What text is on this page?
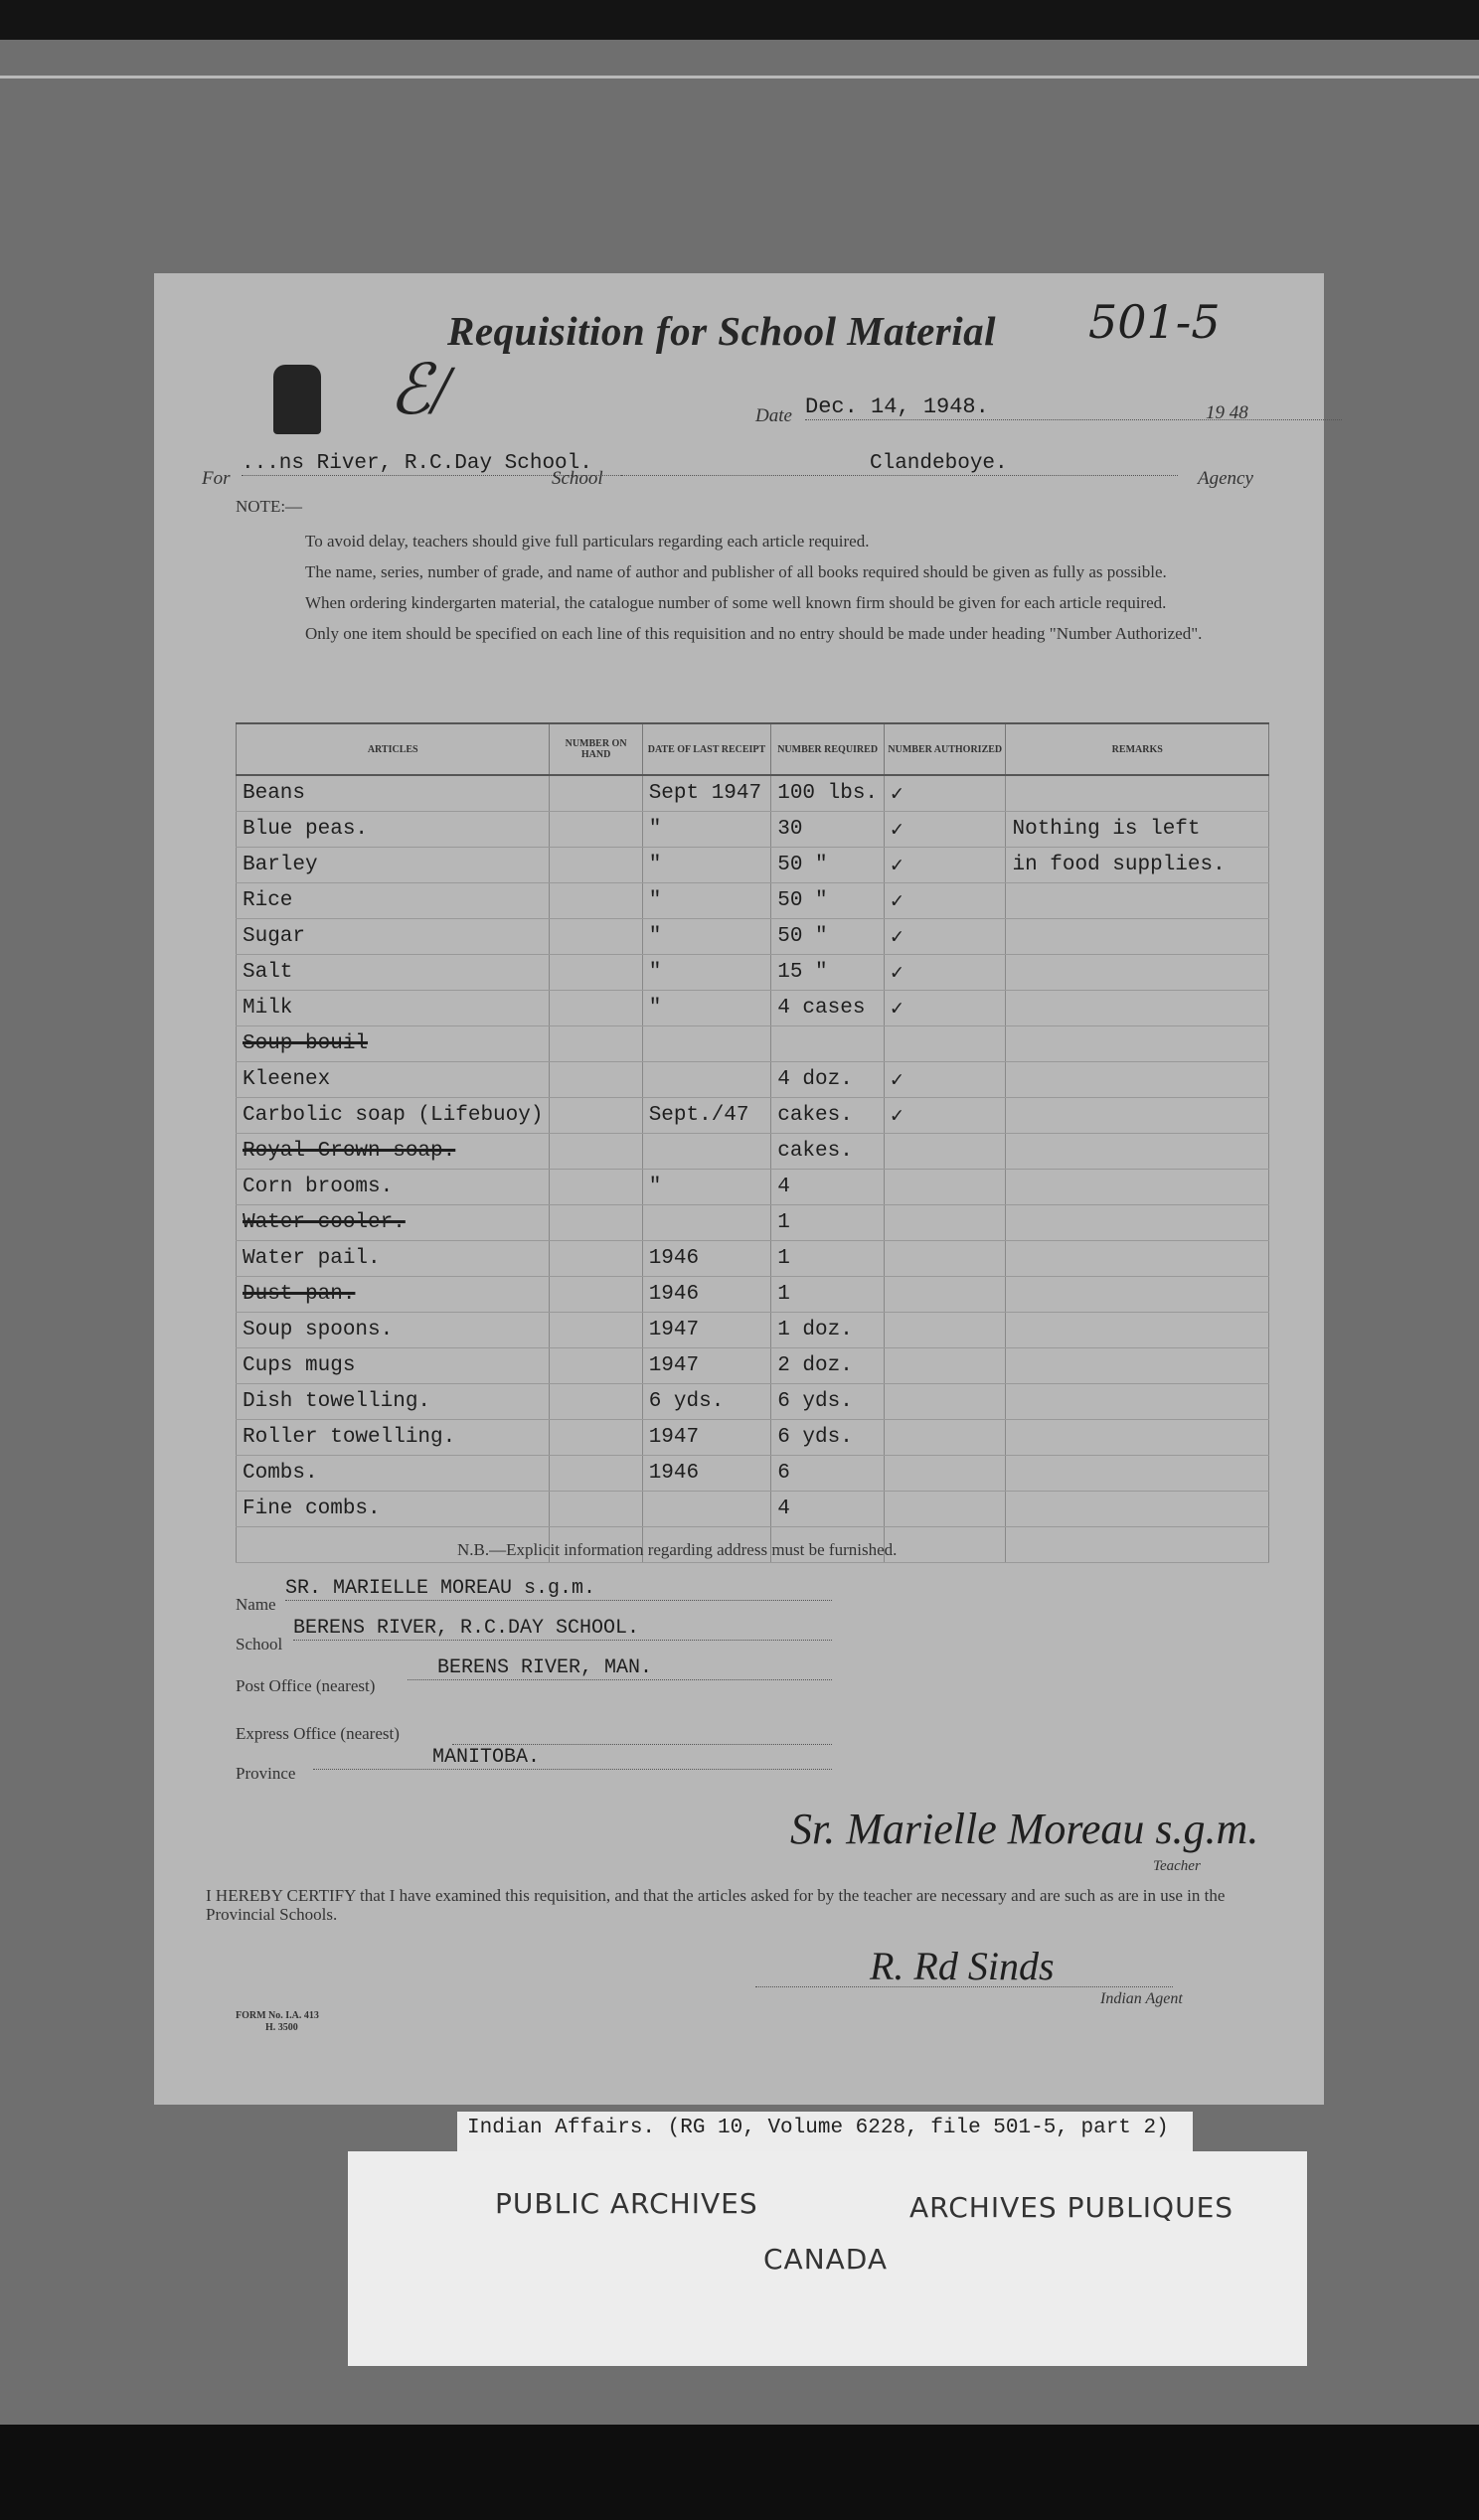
ℰ/
Requisition for School Material 501-5
Date Dec. 14, 1948.	19 48
For
...ns River, R.C.Day School.
School
Clandeboye.
Agency
NOTE:—

To avoid delay, teachers should give full particulars regarding each article required.

The name, series, number of grade, and name of author and publisher of all books required should be given as fully as possible.

When ordering kindergarten material, the catalogue number of some well known firm should be given for each article required.

Only one item should be specified on each line of this requisition and no entry should be made under heading "Number Authorized".

ARTICLES	NUMBER ON HAND	DATE OF LAST RECEIPT	NUMBER REQUIRED	NUMBER AUTHORIZED	REMARKS
Beans		Sept 1947	100 lbs.	✓	
Blue peas.		"	30	✓	Nothing is left
Barley		"	50 "	✓	in food supplies.
Rice		"	50 "	✓	
Sugar		"	50 "	✓	
Salt		"	15 "	✓	
Milk		"	4 cases	✓	
Soup bouil					
Kleenex			4 doz.	✓	
Carbolic soap (Lifebuoy)		Sept./47	cakes.	✓	
Royal Crown soap.			cakes.		
Corn brooms.		"	4		
Water cooler.			1		
Water pail.		1946	1		
Dust pan.		1946	1		
Soup spoons.		1947	1 doz.		
Cups mugs		1947	2 doz.		
Dish towelling.		6 yds.	6 yds.		
Roller towelling.		1947	6 yds.		
Combs.		1946	6		
Fine combs.			4		

N.B.—Explicit information regarding address must be furnished.
Name
SR. MARIELLE MOREAU s.g.m.
School
BERENS RIVER, R.C.DAY SCHOOL.
Post Office (nearest)
BERENS RIVER, MAN.
Express Office (nearest)
Province
MANITOBA.
Sr. Marielle Moreau s.g.m.
Teacher
I HEREBY CERTIFY that I have examined this requisition, and that the articles asked for by the teacher are necessary and are such as are in use in the Provincial Schools.
R. Rd Sinds
Indian Agent
FORM No. I.A. 413
H. 3500
Indian Affairs. (RG 10, Volume 6228, file 501-5, part 2)
PUBLIC ARCHIVES	ARCHIVES PUBLIQUES
CANADA
